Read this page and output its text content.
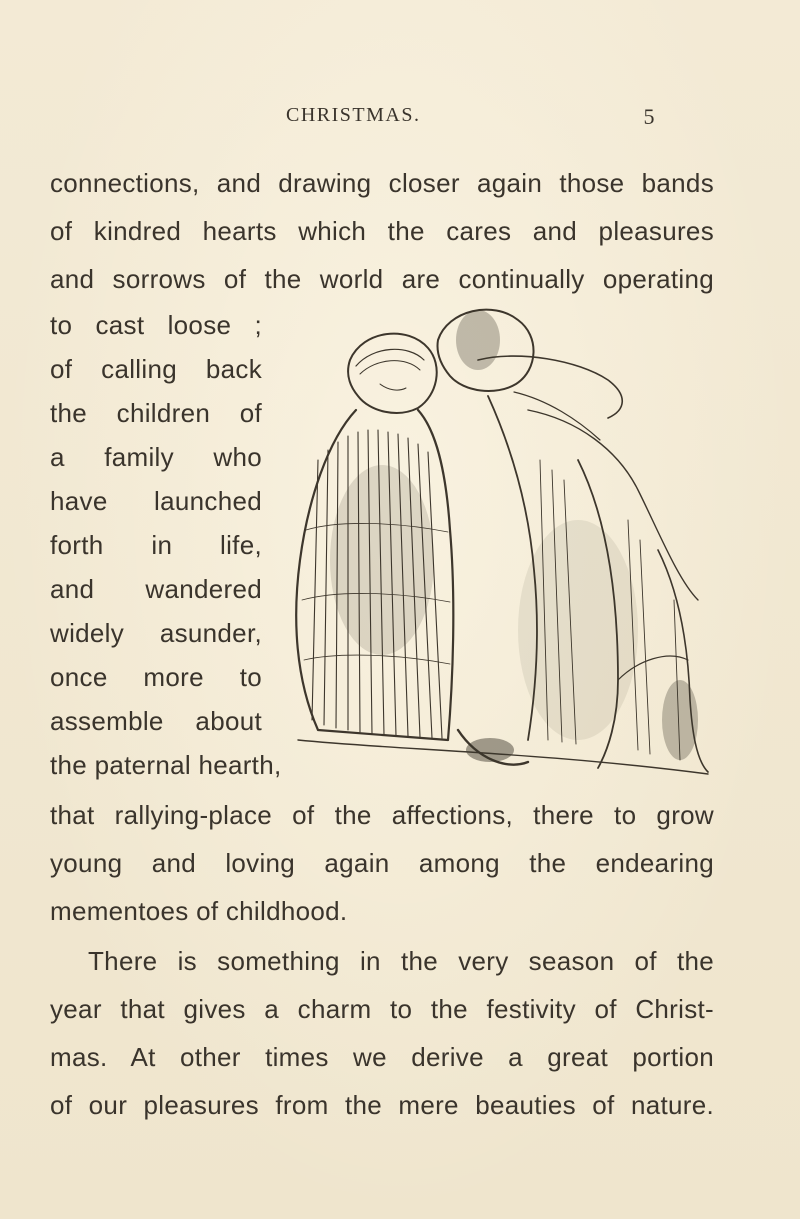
CHRISTMAS.	5
connections, and drawing closer again those bands
of kindred hearts which the cares and pleasures
and sorrows of the world are continually operating
to cast loose ;
of calling back
the children of
a family who
have launched
forth in life,
and wandered
widely asunder,
once more to
assemble about
the paternal hearth,
that rallying-place of the affections, there to grow
young and loving again among the endearing
mementoes of childhood.
There is something in the very season of the
year that gives a charm to the festivity of Christ-
mas. At other times we derive a great portion
of our pleasures from the mere beauties of nature.
